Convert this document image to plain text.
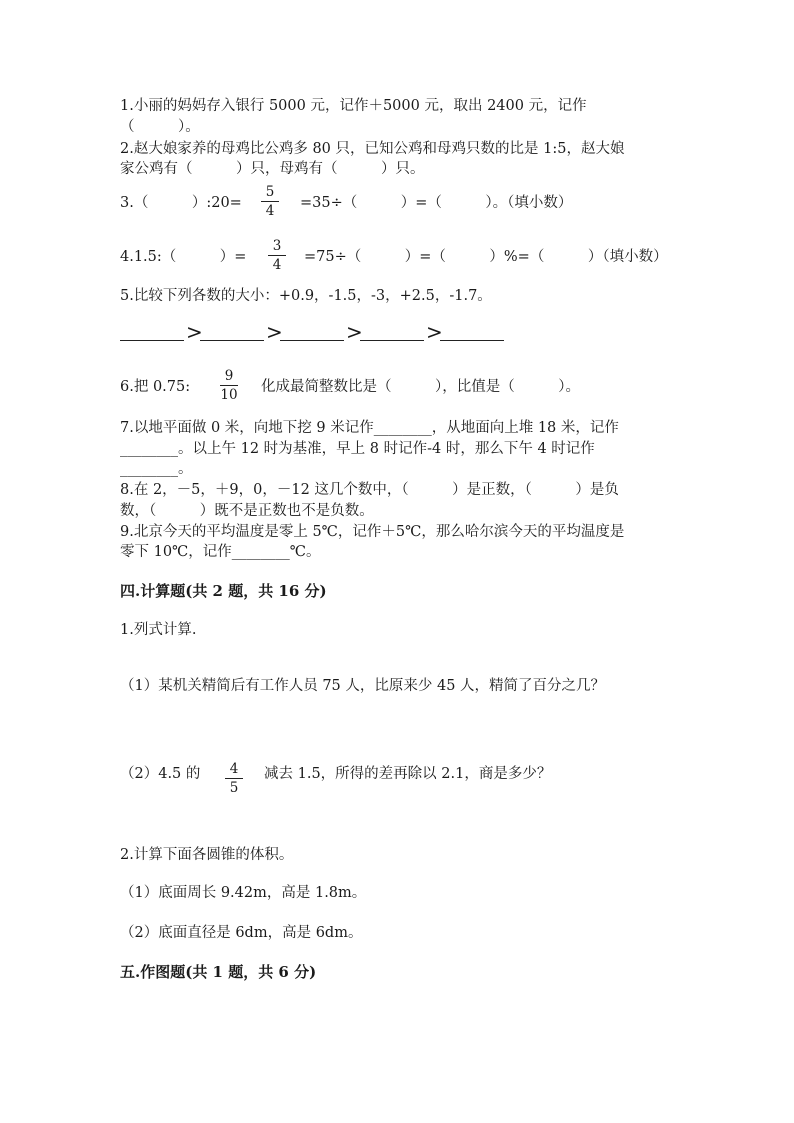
1.小丽的妈妈存入银行 5000 元，记作＋5000 元，取出 2400 元，记作
（　　　）。
2.赵大娘家养的母鸡比公鸡多 80 只，已知公鸡和母鸡只数的比是 1:5，赵大娘
家公鸡有（　　　）只，母鸡有（　　　）只。
3.（　　　）:20=
5
4	=35÷（　　　）=（　　　）。（填小数）
4.1.5:（　　　）=
3
4	=75÷（　　　）=（　　　）%=（　　　）（填小数）
5.比较下列各数的大小：+0.9，-1.5，-3，+2.5，-1.7。
>	>	>	>
6.把 0.75:
9
10 化成最简整数比是（　　　），比值是（　　　）。
7.以地平面做 0 米，向地下挖 9 米记作________，从地面向上堆 18 米，记作
________。以上午 12 时为基准，早上 8 时记作-4 时，那么下午 4 时记作
________。
8.在 2，－5，＋9，0，－12 这几个数中，（　　　）是正数，（　　　）是负
数，（　　　）既不是正数也不是负数。
9.北京今天的平均温度是零上 5℃，记作＋5℃，那么哈尔滨今天的平均温度是
零下 10℃，记作________℃。
四.计算题(共 2 题，共 16 分)
1.列式计算.
（1）某机关精简后有工作人员 75 人，比原来少 45 人，精简了百分之几？
（2）4.5 的	4
5
减去 1.5，所得的差再除以 2.1，商是多少？
2.计算下面各圆锥的体积。
（1）底面周长 9.42m，高是 1.8m。
（2）底面直径是 6dm，高是 6dm。
五.作图题(共 1 题，共 6 分)
